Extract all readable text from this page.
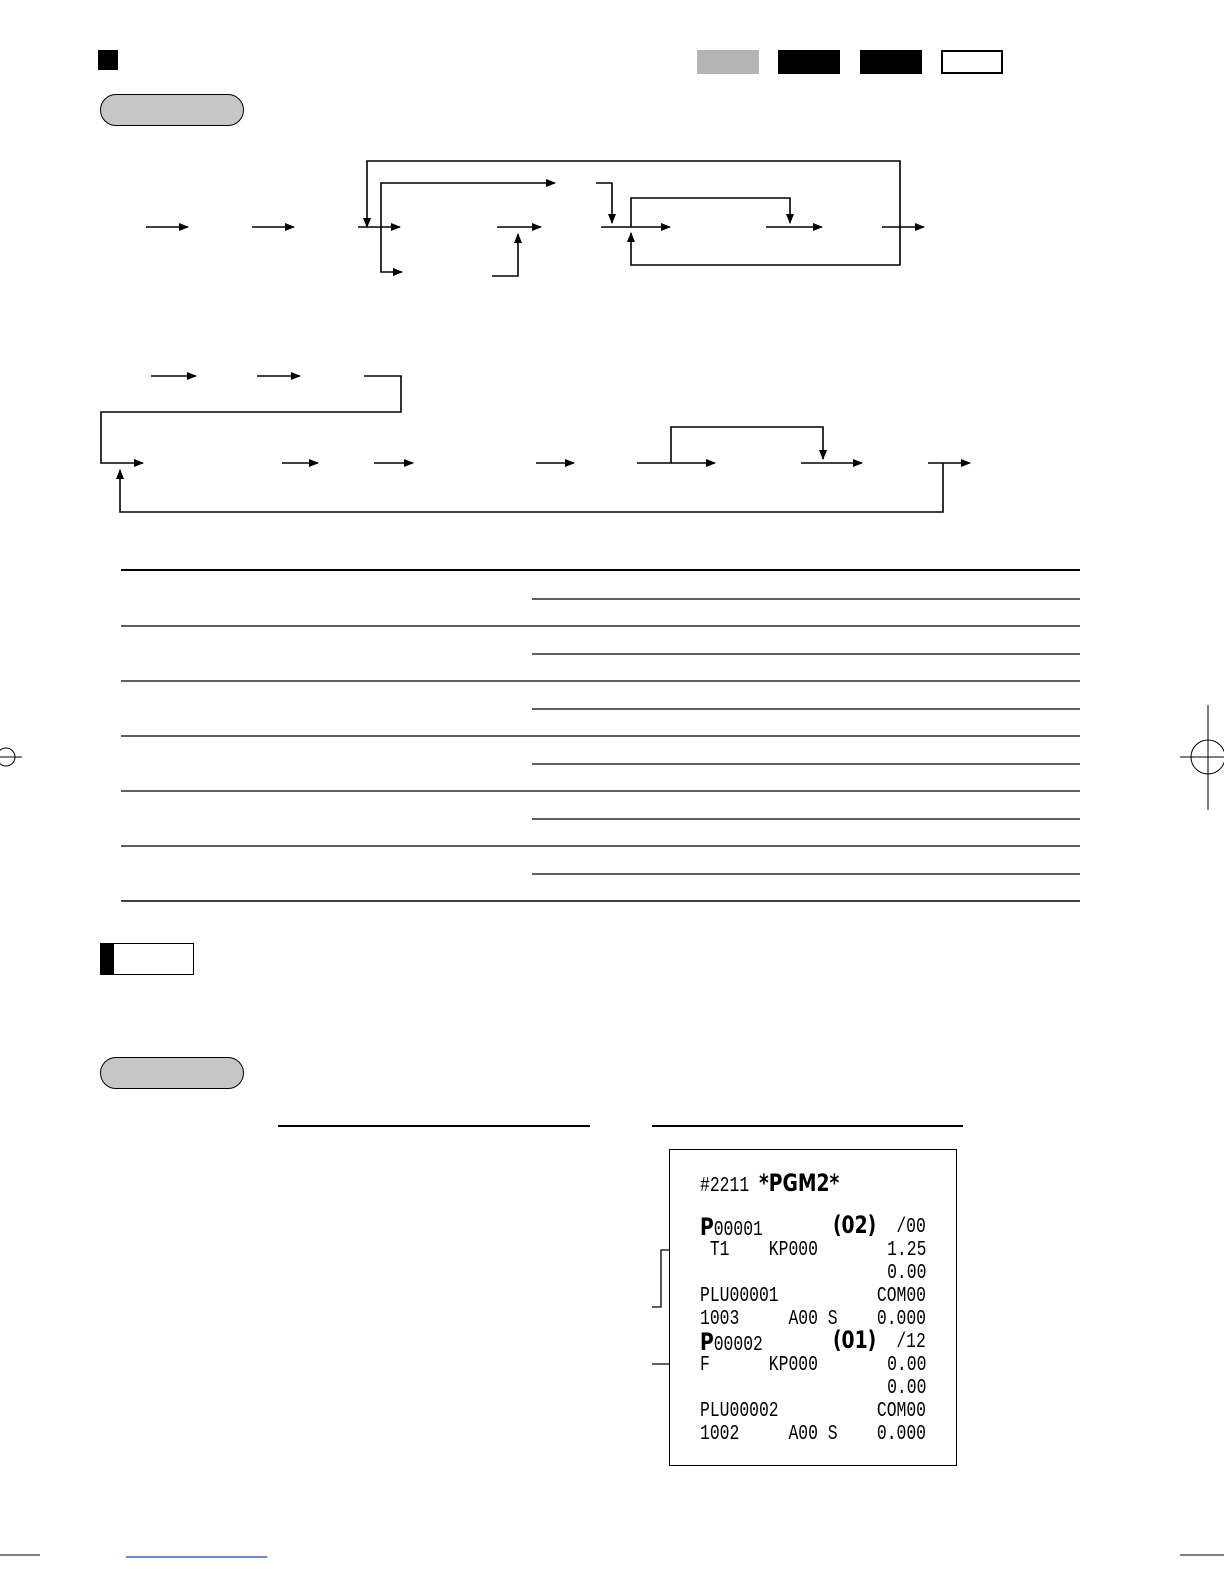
#2211 *PGM2*
P00001	(02) /00
T1    KP000	1.25
0.00
PLU00001	COM00
1003     A00 S 0.000
P00002	(01) /12
F      KP000	0.00
0.00
PLU00002	COM00
1002     A00 S 0.000
